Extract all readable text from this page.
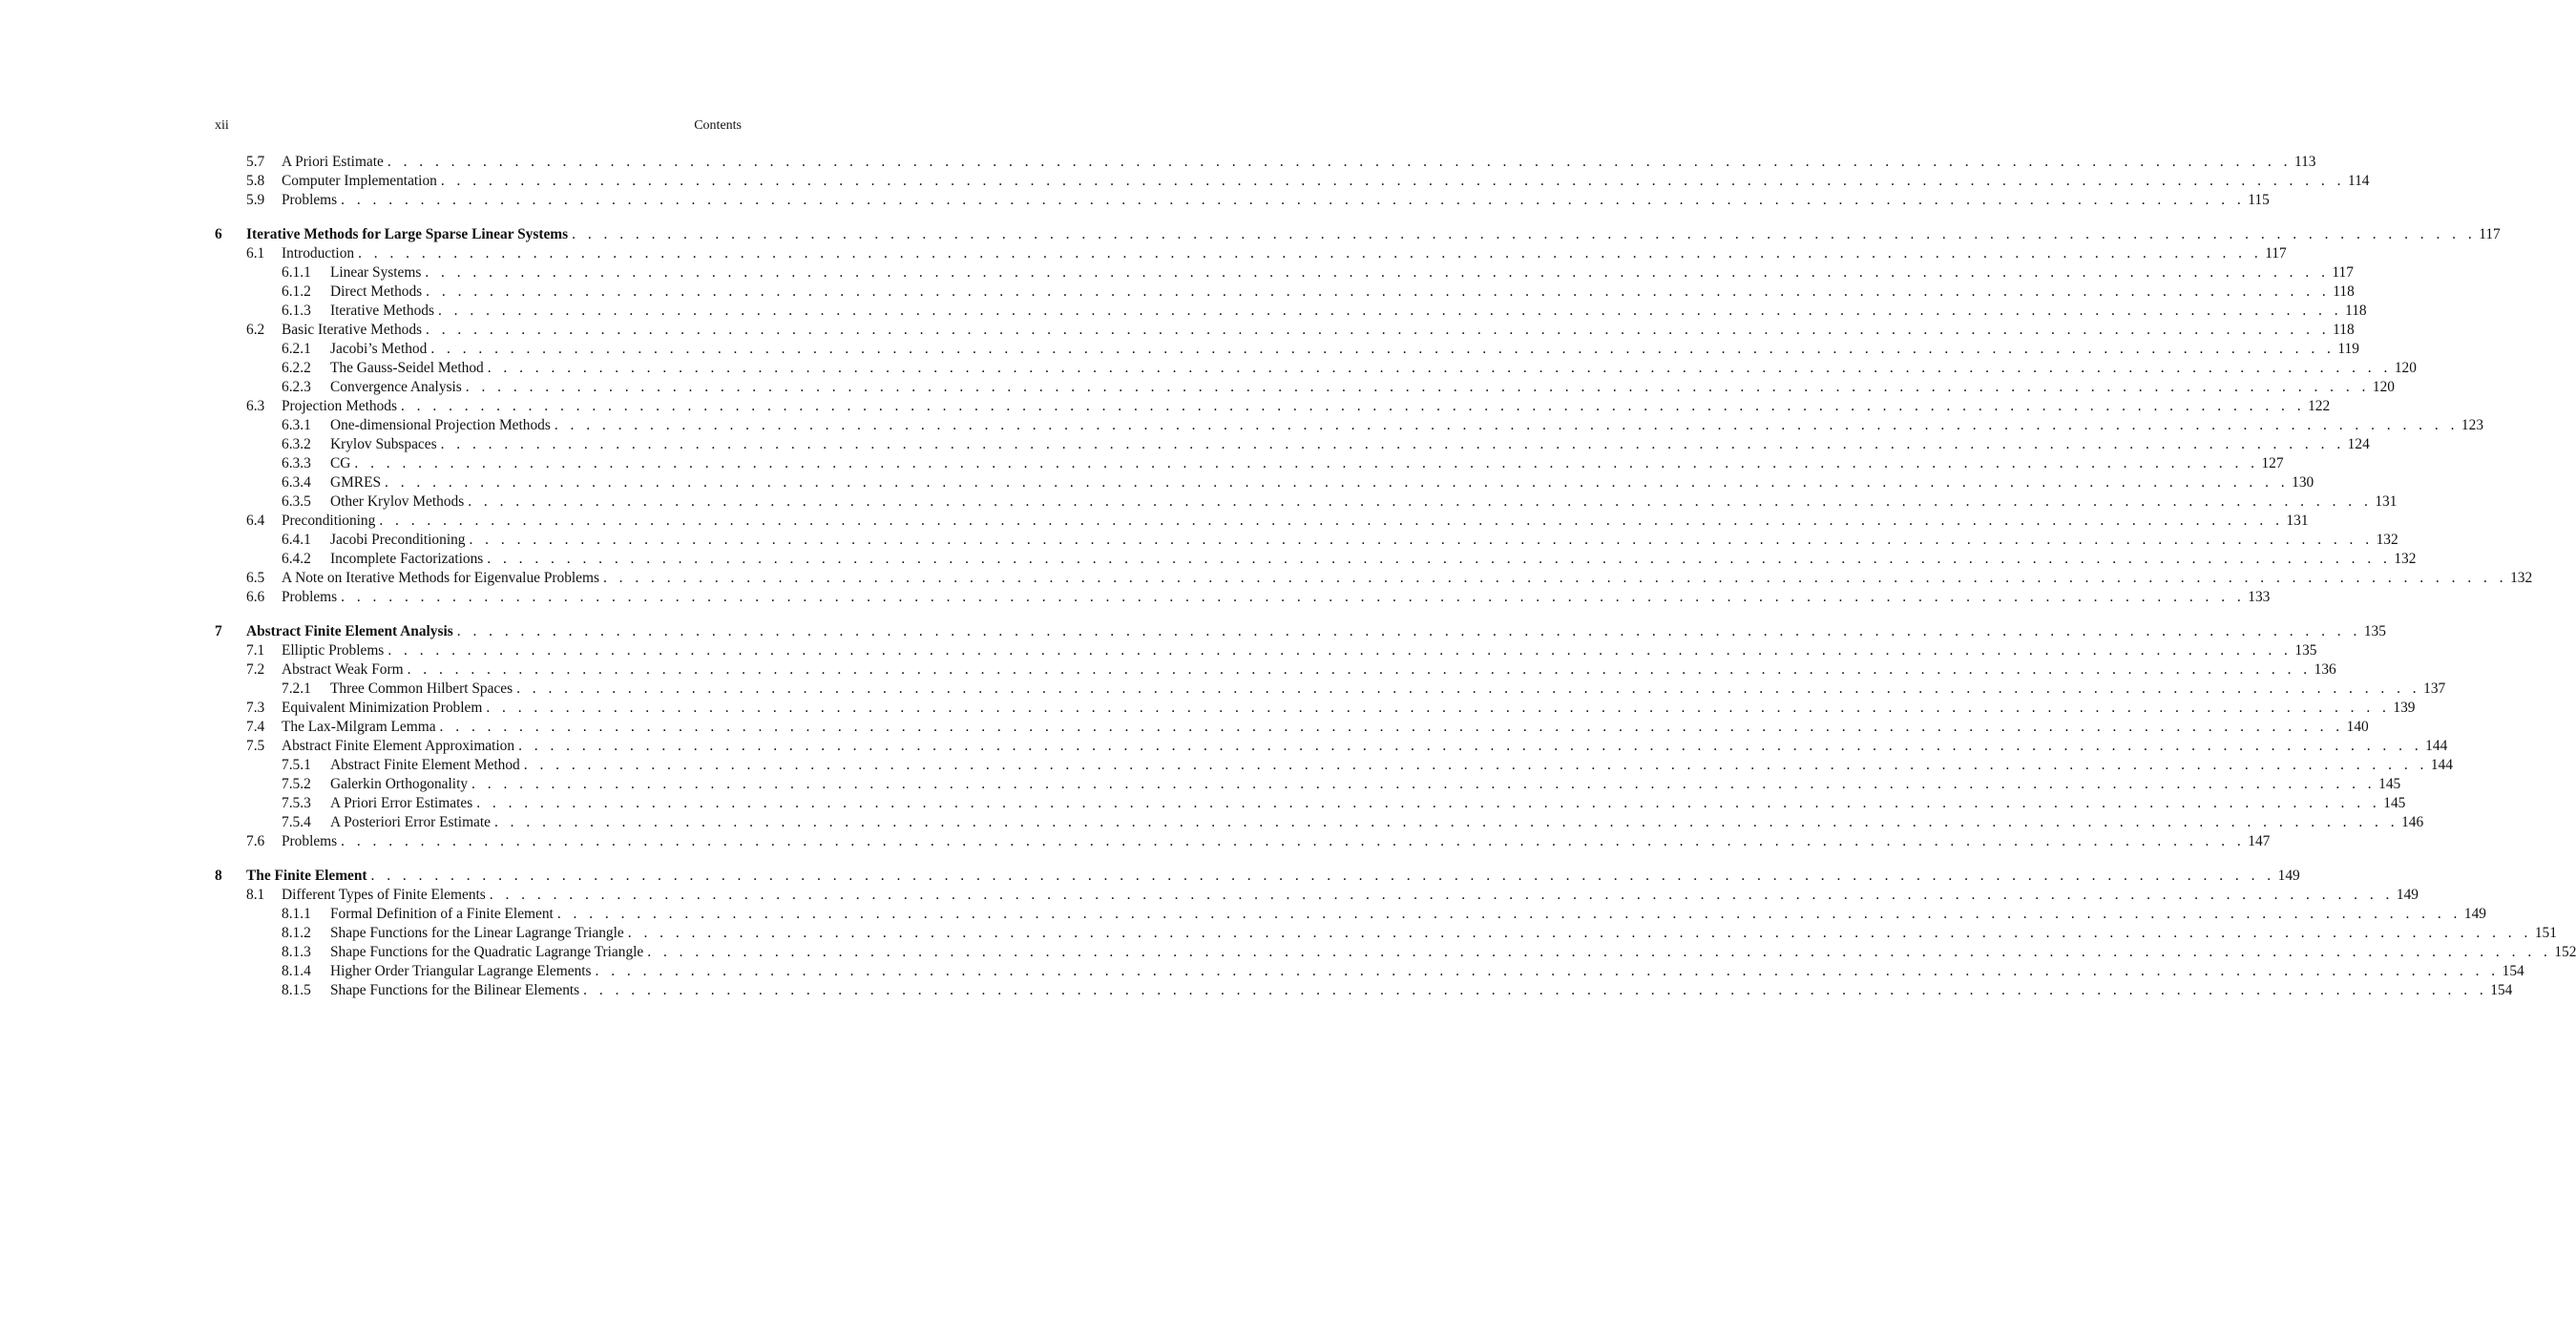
xii	Contents
5.7 A Priori Estimate . . . . . . . . . . . . . . . . . . . . . . . . . . . . . . . . . . . . . . . . . . . . . . . . . . . . . . . . . . . . . . . . . . . . . . . . . . . . . . . . . . . . . . . . . . . . . . . . . . . . . . . . . . . . . . . . . . . . . . . . 113
5.8 Computer Implementation . . . . . . . . . . . . . . . . . . . . . . . . . . . . . . . . . . . . . . . . . . . . . . . . . . . . . . . . . . . . . . . . . . . . . . . . . . . . . . . . . . . . . . . . . . . . . . . . . . . . . . . . . . . . . . . . . . . . . . . . 114
5.9 Problems . . . . . . . . . . . . . . . . . . . . . . . . . . . . . . . . . . . . . . . . . . . . . . . . . . . . . . . . . . . . . . . . . . . . . . . . . . . . . . . . . . . . . . . . . . . . . . . . . . . . . . . . . . . . . . . . . . . . . . . . 115
6 Iterative Methods for Large Sparse Linear Systems . . . . . . . . . . . . . . . . . . . . . . . . . . . . . . . . . . . . . . . . . . . . . . . . . . . . . . . . . . . . . . . . . . . . . . . . . . . . . . . . . . . . . . . . . . . . . . . . . . . . . . . . . . . . . . . . . . . . . . . . 117
6.1 Introduction . . . . . . . . . . . . . . . . . . . . . . . . . . . . . . . . . . . . . . . . . . . . . . . . . . . . . . . . . . . . . . . . . . . . . . . . . . . . . . . . . . . . . . . . . . . . . . . . . . . . . . . . . . . . . . . . . . . . . . . . 117
6.1.1 Linear Systems . . . . . . . . . . . . . . . . . . . . . . . . . . . . . . . . . . . . . . . . . . . . . . . . . . . . . . . . . . . . . . . . . . . . . . . . . . . . . . . . . . . . . . . . . . . . . . . . . . . . . . . . . . . . . . . . . . . . . . . . 117
6.1.2 Direct Methods . . . . . . . . . . . . . . . . . . . . . . . . . . . . . . . . . . . . . . . . . . . . . . . . . . . . . . . . . . . . . . . . . . . . . . . . . . . . . . . . . . . . . . . . . . . . . . . . . . . . . . . . . . . . . . . . . . . . . . . . 118
6.1.3 Iterative Methods . . . . . . . . . . . . . . . . . . . . . . . . . . . . . . . . . . . . . . . . . . . . . . . . . . . . . . . . . . . . . . . . . . . . . . . . . . . . . . . . . . . . . . . . . . . . . . . . . . . . . . . . . . . . . . . . . . . . . . . . 118
6.2 Basic Iterative Methods . . . . . . . . . . . . . . . . . . . . . . . . . . . . . . . . . . . . . . . . . . . . . . . . . . . . . . . . . . . . . . . . . . . . . . . . . . . . . . . . . . . . . . . . . . . . . . . . . . . . . . . . . . . . . . . . . . . . . . . . 118
6.2.1 Jacobi’s Method . . . . . . . . . . . . . . . . . . . . . . . . . . . . . . . . . . . . . . . . . . . . . . . . . . . . . . . . . . . . . . . . . . . . . . . . . . . . . . . . . . . . . . . . . . . . . . . . . . . . . . . . . . . . . . . . . . . . . . . . 119
6.2.2 The Gauss-Seidel Method . . . . . . . . . . . . . . . . . . . . . . . . . . . . . . . . . . . . . . . . . . . . . . . . . . . . . . . . . . . . . . . . . . . . . . . . . . . . . . . . . . . . . . . . . . . . . . . . . . . . . . . . . . . . . . . . . . . . . . . . 120
6.2.3 Convergence Analysis . . . . . . . . . . . . . . . . . . . . . . . . . . . . . . . . . . . . . . . . . . . . . . . . . . . . . . . . . . . . . . . . . . . . . . . . . . . . . . . . . . . . . . . . . . . . . . . . . . . . . . . . . . . . . . . . . . . . . . . . 120
6.3 Projection Methods . . . . . . . . . . . . . . . . . . . . . . . . . . . . . . . . . . . . . . . . . . . . . . . . . . . . . . . . . . . . . . . . . . . . . . . . . . . . . . . . . . . . . . . . . . . . . . . . . . . . . . . . . . . . . . . . . . . . . . . . 122
6.3.1 One-dimensional Projection Methods . . . . . . . . . . . . . . . . . . . . . . . . . . . . . . . . . . . . . . . . . . . . . . . . . . . . . . . . . . . . . . . . . . . . . . . . . . . . . . . . . . . . . . . . . . . . . . . . . . . . . . . . . . . . . . . . . . . . . . . . 123
6.3.2 Krylov Subspaces . . . . . . . . . . . . . . . . . . . . . . . . . . . . . . . . . . . . . . . . . . . . . . . . . . . . . . . . . . . . . . . . . . . . . . . . . . . . . . . . . . . . . . . . . . . . . . . . . . . . . . . . . . . . . . . . . . . . . . . . 124
6.3.3 CG . . . . . . . . . . . . . . . . . . . . . . . . . . . . . . . . . . . . . . . . . . . . . . . . . . . . . . . . . . . . . . . . . . . . . . . . . . . . . . . . . . . . . . . . . . . . . . . . . . . . . . . . . . . . . . . . . . . . . . . . 127
6.3.4 GMRES . . . . . . . . . . . . . . . . . . . . . . . . . . . . . . . . . . . . . . . . . . . . . . . . . . . . . . . . . . . . . . . . . . . . . . . . . . . . . . . . . . . . . . . . . . . . . . . . . . . . . . . . . . . . . . . . . . . . . . . . 130
6.3.5 Other Krylov Methods . . . . . . . . . . . . . . . . . . . . . . . . . . . . . . . . . . . . . . . . . . . . . . . . . . . . . . . . . . . . . . . . . . . . . . . . . . . . . . . . . . . . . . . . . . . . . . . . . . . . . . . . . . . . . . . . . . . . . . . . 131
6.4 Preconditioning . . . . . . . . . . . . . . . . . . . . . . . . . . . . . . . . . . . . . . . . . . . . . . . . . . . . . . . . . . . . . . . . . . . . . . . . . . . . . . . . . . . . . . . . . . . . . . . . . . . . . . . . . . . . . . . . . . . . . . . . 131
6.4.1 Jacobi Preconditioning . . . . . . . . . . . . . . . . . . . . . . . . . . . . . . . . . . . . . . . . . . . . . . . . . . . . . . . . . . . . . . . . . . . . . . . . . . . . . . . . . . . . . . . . . . . . . . . . . . . . . . . . . . . . . . . . . . . . . . . . 132
6.4.2 Incomplete Factorizations . . . . . . . . . . . . . . . . . . . . . . . . . . . . . . . . . . . . . . . . . . . . . . . . . . . . . . . . . . . . . . . . . . . . . . . . . . . . . . . . . . . . . . . . . . . . . . . . . . . . . . . . . . . . . . . . . . . . . . . . 132
6.5 A Note on Iterative Methods for Eigenvalue Problems . . . . . . . . . . . . . . . . . . . . . . . . . . . . . . . . . . . . . . . . . . . . . . . . . . . . . . . . . . . . . . . . . . . . . . . . . . . . . . . . . . . . . . . . . . . . . . . . . . . . . . . . . . . . . . . . . . . . . . . . 132
6.6 Problems . . . . . . . . . . . . . . . . . . . . . . . . . . . . . . . . . . . . . . . . . . . . . . . . . . . . . . . . . . . . . . . . . . . . . . . . . . . . . . . . . . . . . . . . . . . . . . . . . . . . . . . . . . . . . . . . . . . . . . . . 133
7 Abstract Finite Element Analysis . . . . . . . . . . . . . . . . . . . . . . . . . . . . . . . . . . . . . . . . . . . . . . . . . . . . . . . . . . . . . . . . . . . . . . . . . . . . . . . . . . . . . . . . . . . . . . . . . . . . . . . . . . . . . . . . . . . . . . . . 135
7.1 Elliptic Problems . . . . . . . . . . . . . . . . . . . . . . . . . . . . . . . . . . . . . . . . . . . . . . . . . . . . . . . . . . . . . . . . . . . . . . . . . . . . . . . . . . . . . . . . . . . . . . . . . . . . . . . . . . . . . . . . . . . . . . . . 135
7.2 Abstract Weak Form . . . . . . . . . . . . . . . . . . . . . . . . . . . . . . . . . . . . . . . . . . . . . . . . . . . . . . . . . . . . . . . . . . . . . . . . . . . . . . . . . . . . . . . . . . . . . . . . . . . . . . . . . . . . . . . . . . . . . . . . 136
7.2.1 Three Common Hilbert Spaces . . . . . . . . . . . . . . . . . . . . . . . . . . . . . . . . . . . . . . . . . . . . . . . . . . . . . . . . . . . . . . . . . . . . . . . . . . . . . . . . . . . . . . . . . . . . . . . . . . . . . . . . . . . . . . . . . . . . . . . . 137
7.3 Equivalent Minimization Problem . . . . . . . . . . . . . . . . . . . . . . . . . . . . . . . . . . . . . . . . . . . . . . . . . . . . . . . . . . . . . . . . . . . . . . . . . . . . . . . . . . . . . . . . . . . . . . . . . . . . . . . . . . . . . . . . . . . . . . . . 139
7.4 The Lax-Milgram Lemma . . . . . . . . . . . . . . . . . . . . . . . . . . . . . . . . . . . . . . . . . . . . . . . . . . . . . . . . . . . . . . . . . . . . . . . . . . . . . . . . . . . . . . . . . . . . . . . . . . . . . . . . . . . . . . . . . . . . . . . . 140
7.5 Abstract Finite Element Approximation . . . . . . . . . . . . . . . . . . . . . . . . . . . . . . . . . . . . . . . . . . . . . . . . . . . . . . . . . . . . . . . . . . . . . . . . . . . . . . . . . . . . . . . . . . . . . . . . . . . . . . . . . . . . . . . . . . . . . . . . 144
7.5.1 Abstract Finite Element Method . . . . . . . . . . . . . . . . . . . . . . . . . . . . . . . . . . . . . . . . . . . . . . . . . . . . . . . . . . . . . . . . . . . . . . . . . . . . . . . . . . . . . . . . . . . . . . . . . . . . . . . . . . . . . . . . . . . . . . . . 144
7.5.2 Galerkin Orthogonality . . . . . . . . . . . . . . . . . . . . . . . . . . . . . . . . . . . . . . . . . . . . . . . . . . . . . . . . . . . . . . . . . . . . . . . . . . . . . . . . . . . . . . . . . . . . . . . . . . . . . . . . . . . . . . . . . . . . . . . . 145
7.5.3 A Priori Error Estimates . . . . . . . . . . . . . . . . . . . . . . . . . . . . . . . . . . . . . . . . . . . . . . . . . . . . . . . . . . . . . . . . . . . . . . . . . . . . . . . . . . . . . . . . . . . . . . . . . . . . . . . . . . . . . . . . . . . . . . . . 145
7.5.4 A Posteriori Error Estimate . . . . . . . . . . . . . . . . . . . . . . . . . . . . . . . . . . . . . . . . . . . . . . . . . . . . . . . . . . . . . . . . . . . . . . . . . . . . . . . . . . . . . . . . . . . . . . . . . . . . . . . . . . . . . . . . . . . . . . . . 146
7.6 Problems . . . . . . . . . . . . . . . . . . . . . . . . . . . . . . . . . . . . . . . . . . . . . . . . . . . . . . . . . . . . . . . . . . . . . . . . . . . . . . . . . . . . . . . . . . . . . . . . . . . . . . . . . . . . . . . . . . . . . . . . 147
8 The Finite Element . . . . . . . . . . . . . . . . . . . . . . . . . . . . . . . . . . . . . . . . . . . . . . . . . . . . . . . . . . . . . . . . . . . . . . . . . . . . . . . . . . . . . . . . . . . . . . . . . . . . . . . . . . . . . . . . . . . . . . . . 149
8.1 Different Types of Finite Elements . . . . . . . . . . . . . . . . . . . . . . . . . . . . . . . . . . . . . . . . . . . . . . . . . . . . . . . . . . . . . . . . . . . . . . . . . . . . . . . . . . . . . . . . . . . . . . . . . . . . . . . . . . . . . . . . . . . . . . . . 149
8.1.1 Formal Definition of a Finite Element . . . . . . . . . . . . . . . . . . . . . . . . . . . . . . . . . . . . . . . . . . . . . . . . . . . . . . . . . . . . . . . . . . . . . . . . . . . . . . . . . . . . . . . . . . . . . . . . . . . . . . . . . . . . . . . . . . . . . . . . 149
8.1.2 Shape Functions for the Linear Lagrange Triangle . . . . . . . . . . . . . . . . . . . . . . . . . . . . . . . . . . . . . . . . . . . . . . . . . . . . . . . . . . . . . . . . . . . . . . . . . . . . . . . . . . . . . . . . . . . . . . . . . . . . . . . . . . . . . . . . . . . . . . . . 151
8.1.3 Shape Functions for the Quadratic Lagrange Triangle . . . . . . . . . . . . . . . . . . . . . . . . . . . . . . . . . . . . . . . . . . . . . . . . . . . . . . . . . . . . . . . . . . . . . . . . . . . . . . . . . . . . . . . . . . . . . . . . . . . . . . . . . . . . . . . . . . . . . . . . 152
8.1.4 Higher Order Triangular Lagrange Elements . . . . . . . . . . . . . . . . . . . . . . . . . . . . . . . . . . . . . . . . . . . . . . . . . . . . . . . . . . . . . . . . . . . . . . . . . . . . . . . . . . . . . . . . . . . . . . . . . . . . . . . . . . . . . . . . . . . . . . . . 154
8.1.5 Shape Functions for the Bilinear Elements . . . . . . . . . . . . . . . . . . . . . . . . . . . . . . . . . . . . . . . . . . . . . . . . . . . . . . . . . . . . . . . . . . . . . . . . . . . . . . . . . . . . . . . . . . . . . . . . . . . . . . . . . . . . . . . . . . . . . . . . 154
